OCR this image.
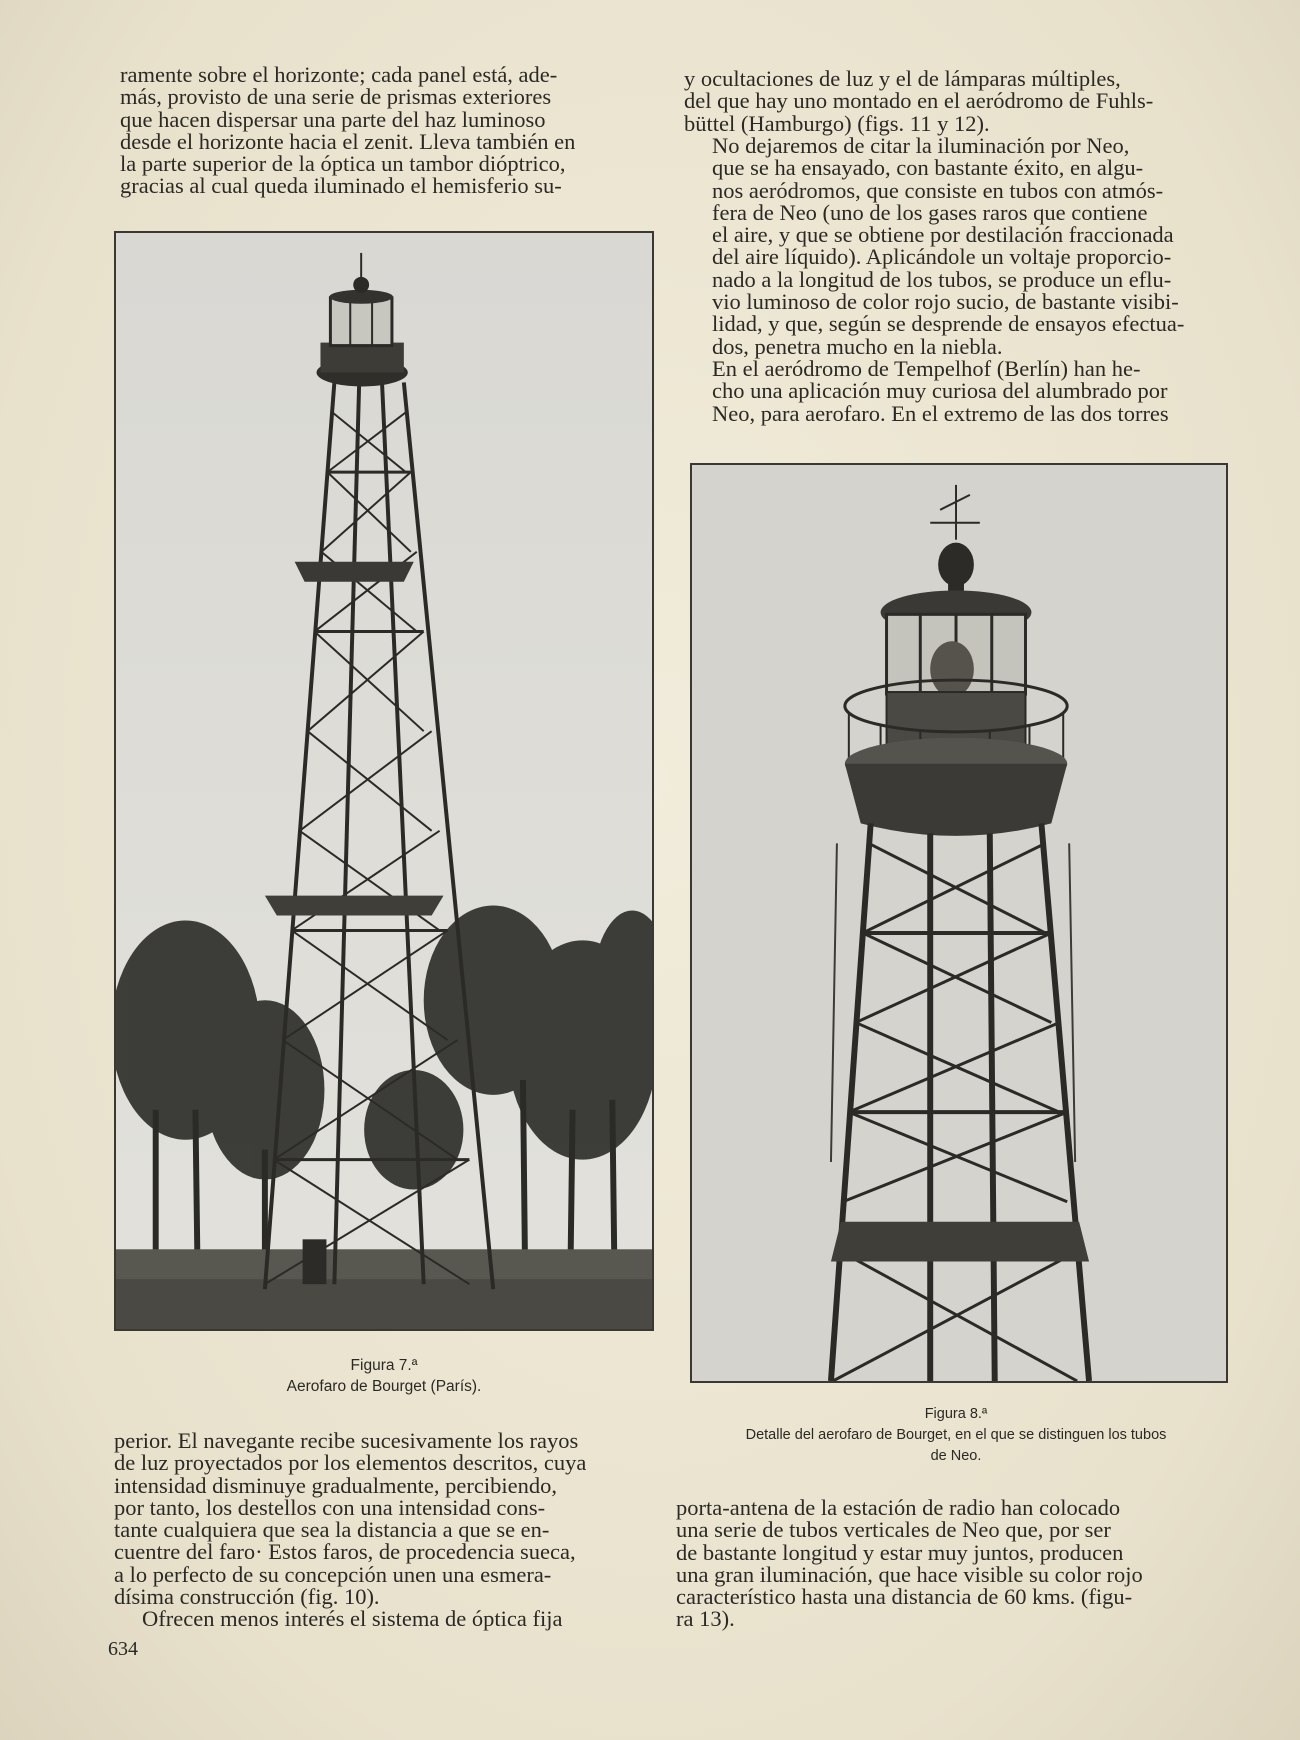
ramente sobre el horizonte; cada panel está, ade-
más, provisto de una serie de prismas exteriores
que hacen dispersar una parte del haz luminoso
desde el horizonte hacia el zenit. Lleva también en
la parte superior de la óptica un tambor dióptrico,
gracias al cual queda iluminado el hemisferio su-

Figura 7.ª
Aerofaro de Bourget (París).

perior. El navegante recibe sucesivamente los rayos
de luz proyectados por los elementos descritos, cuya
intensidad disminuye gradualmente, percibiendo,
por tanto, los destellos con una intensidad cons-
tante cualquiera que sea la distancia a que se en-
cuentre del faro· Estos faros, de procedencia sueca,
a lo perfecto de su concepción unen una esmera-
dísima construcción (fig. 10).

Ofrecen menos interés el sistema de óptica fija

y ocultaciones de luz y el de lámparas múltiples,
del que hay uno montado en el aeródromo de Fuhls-
büttel (Hamburgo) (figs. 11 y 12).

No dejaremos de citar la iluminación por Neo,
que se ha ensayado, con bastante éxito, en algu-
nos aeródromos, que consiste en tubos con atmós-
fera de Neo (uno de los gases raros que contiene
el aire, y que se obtiene por destilación fraccionada
del aire líquido). Aplicándole un voltaje proporcio-
nado a la longitud de los tubos, se produce un eflu-
vio luminoso de color rojo sucio, de bastante visibi-
lidad, y que, según se desprende de ensayos efectua-
dos, penetra mucho en la niebla.

En el aeródromo de Tempelhof (Berlín) han he-
cho una aplicación muy curiosa del alumbrado por
Neo, para aerofaro. En el extremo de las dos torres

Figura 8.ª
Detalle del aerofaro de Bourget, en el que se distinguen los tubos
de Neo.

porta-antena de la estación de radio han colocado
una serie de tubos verticales de Neo que, por ser
de bastante longitud y estar muy juntos, producen
una gran iluminación, que hace visible su color rojo
característico hasta una distancia de 60 kms. (figu-
ra 13).

634
